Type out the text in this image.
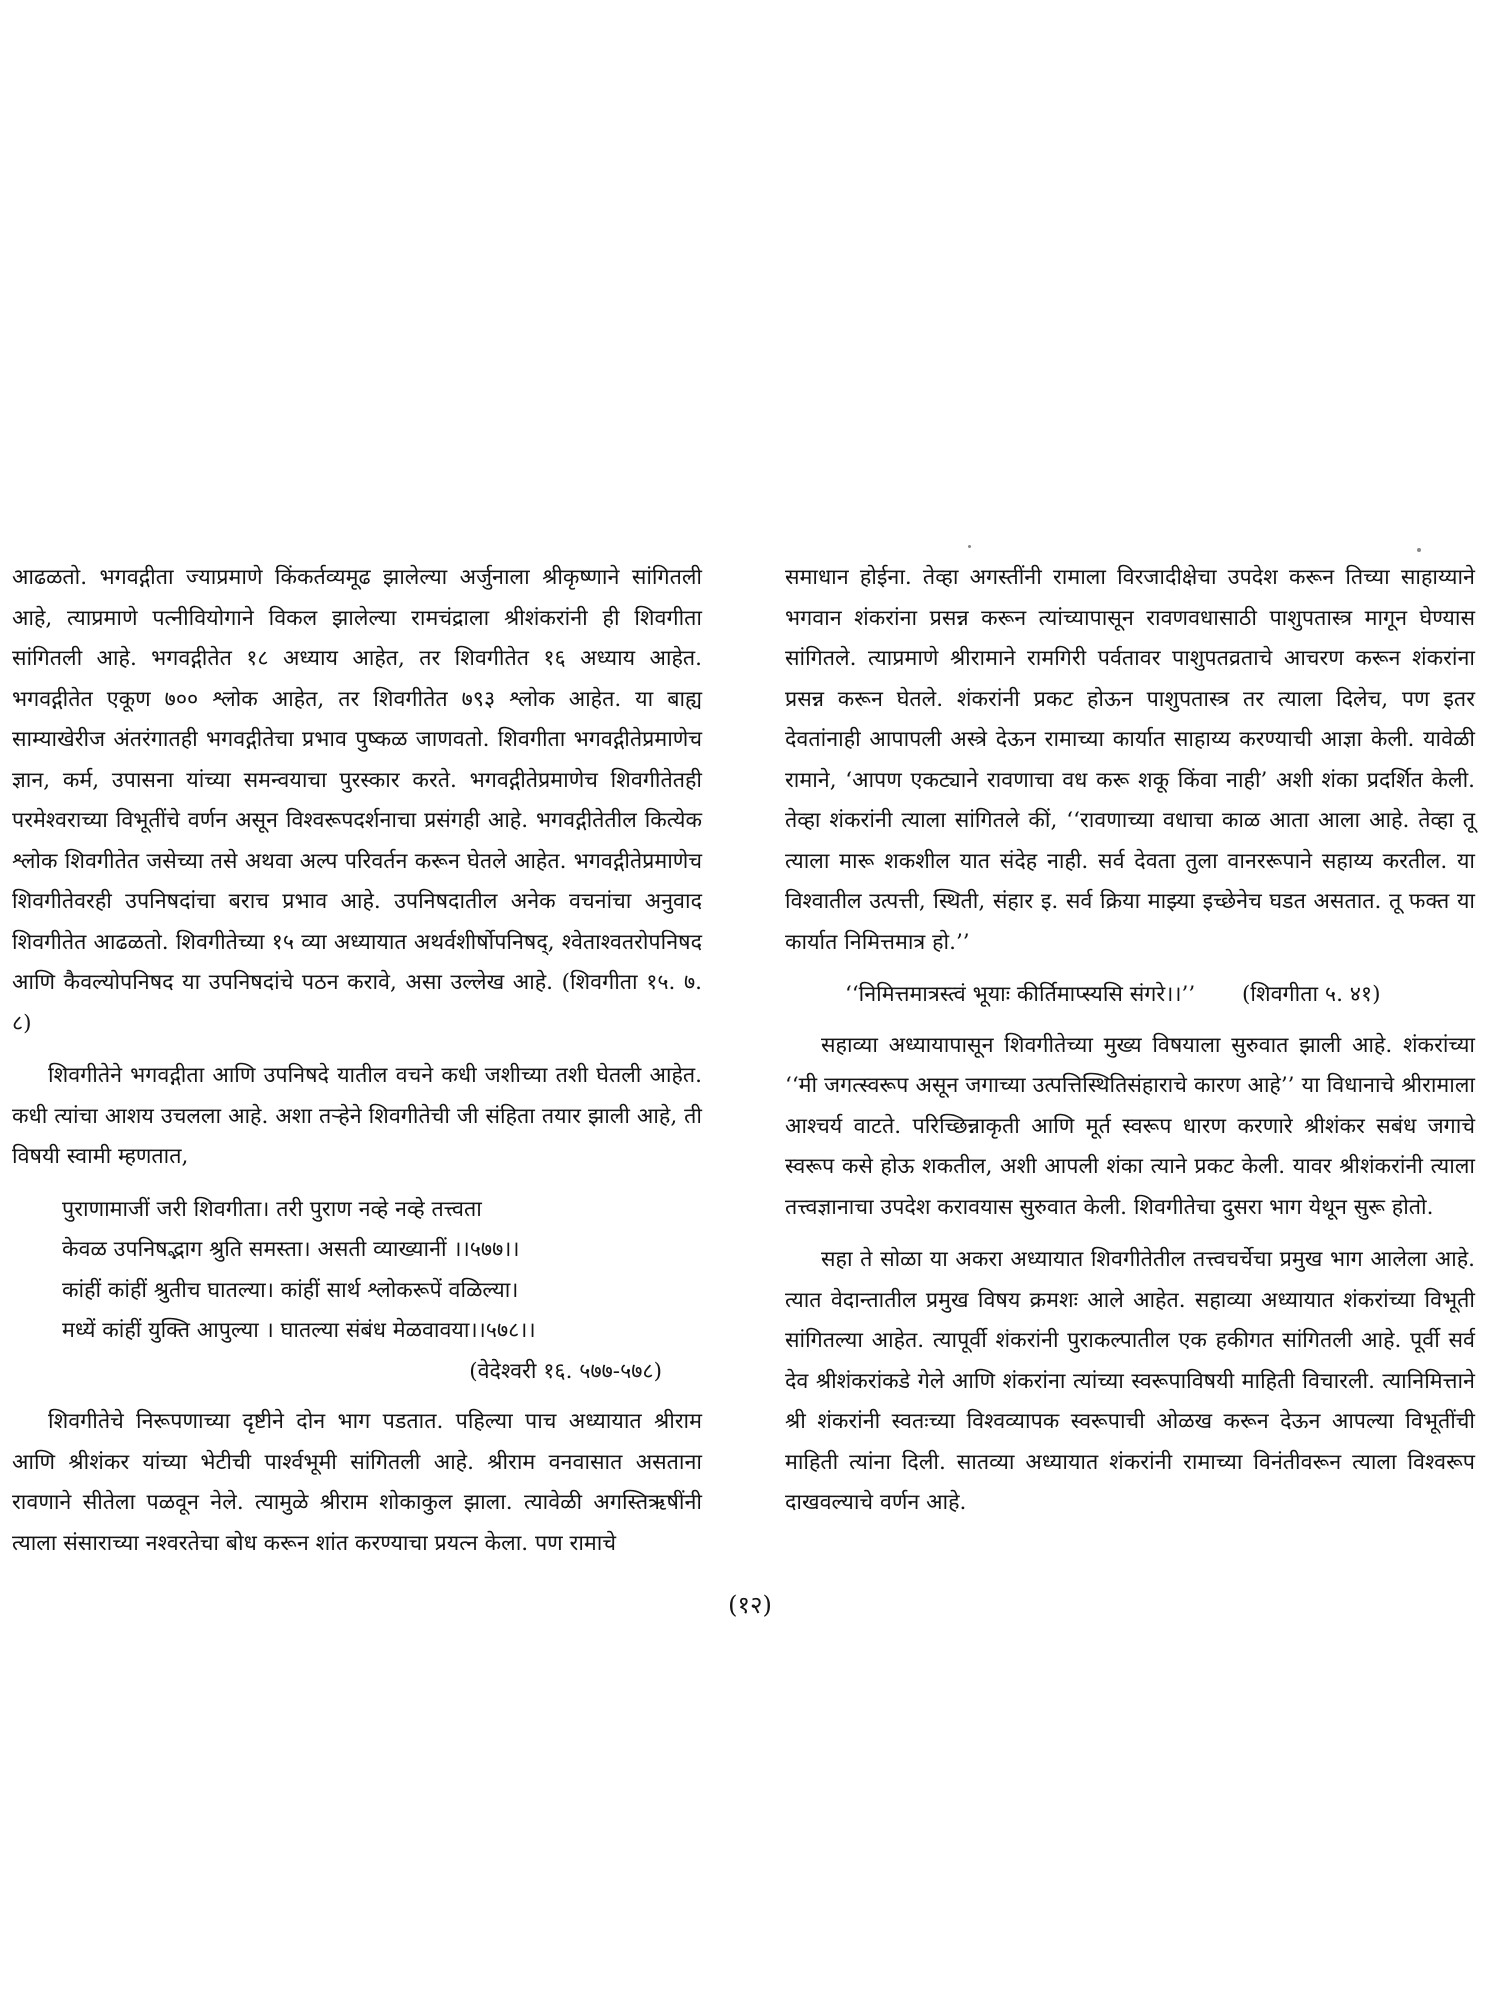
आढळतो. भगवद्गीता ज्याप्रमाणे किंकर्तव्यमूढ झालेल्या अर्जुनाला श्रीकृष्णाने सांगितली आहे, त्याप्रमाणे पत्नीवियोगाने विकल झालेल्या रामचंद्राला श्रीशंकरांनी ही शिवगीता सांगितली आहे. भगवद्गीतेत १८ अध्याय आहेत, तर शिवगीतेत १६ अध्याय आहेत. भगवद्गीतेत एकूण ७०० श्लोक आहेत, तर शिवगीतेत ७९३ श्लोक आहेत. या बाह्य साम्याखेरीज अंतरंगातही भगवद्गीतेचा प्रभाव पुष्कळ जाणवतो. शिवगीता भगवद्गीतेप्रमाणेच ज्ञान, कर्म, उपासना यांच्या समन्वयाचा पुरस्कार करते. भगवद्गीतेप्रमाणेच शिवगीतेतही परमेश्वराच्या विभूतींचे वर्णन असून विश्वरूपदर्शनाचा प्रसंगही आहे. भगवद्गीतेतील कित्येक श्लोक शिवगीतेत जसेच्या तसे अथवा अल्प परिवर्तन करून घेतले आहेत. भगवद्गीतेप्रमाणेच शिवगीतेवरही उपनिषदांचा बराच प्रभाव आहे. उपनिषदातील अनेक वचनांचा अनुवाद शिवगीतेत आढळतो. शिवगीतेच्या १५ व्या अध्यायात अथर्वशीर्षोपनिषद्, श्वेताश्वतरोपनिषद आणि कैवल्योपनिषद या उपनिषदांचे पठन करावे, असा उल्लेख आहे. (शिवगीता १५. ७. ८)

शिवगीतेने भगवद्गीता आणि उपनिषदे यातील वचने कधी जशीच्या तशी घेतली आहेत. कधी त्यांचा आशय उचलला आहे. अशा तऱ्हेने शिवगीतेची जी संहिता तयार झाली आहे, ती विषयी स्वामी म्हणतात,

पुराणामाजीं जरी शिवगीता। तरी पुराण नव्हे नव्हे तत्त्वता

केवळ उपनिषद्भाग श्रुति समस्ता। असती व्याख्यानीं ।।५७७।।

कांहीं कांहीं श्रुतीच घातल्या। कांहीं सार्थ श्लोकरूपें वळिल्या।

मध्यें कांहीं युक्ति आपुल्या । घातल्या संबंध मेळवावया।।५७८।।

(वेदेश्वरी १६. ५७७-५७८)

शिवगीतेचे निरूपणाच्या दृष्टीने दोन भाग पडतात. पहिल्या पाच अध्यायात श्रीराम आणि श्रीशंकर यांच्या भेटीची पार्श्वभूमी सांगितली आहे. श्रीराम वनवासात असताना रावणाने सीतेला पळवून नेले. त्यामुळे श्रीराम शोकाकुल झाला. त्यावेळी अगस्तिऋषींनी त्याला संसाराच्या नश्वरतेचा बोध करून शांत करण्याचा प्रयत्न केला. पण रामाचे

समाधान होईना. तेव्हा अगस्तींनी रामाला विरजादीक्षेचा उपदेश करून तिच्या साहाय्याने भगवान शंकरांना प्रसन्न करून त्यांच्यापासून रावणवधासाठी पाशुपतास्त्र मागून घेण्यास सांगितले. त्याप्रमाणे श्रीरामाने रामगिरी पर्वतावर पाशुपतव्रताचे आचरण करून शंकरांना प्रसन्न करून घेतले. शंकरांनी प्रकट होऊन पाशुपतास्त्र तर त्याला दिलेच, पण इतर देवतांनाही आपापली अस्त्रे देऊन रामाच्या कार्यात साहाय्य करण्याची आज्ञा केली. यावेळी रामाने, ‘आपण एकट्याने रावणाचा वध करू शकू किंवा नाही’ अशी शंका प्रदर्शित केली. तेव्हा शंकरांनी त्याला सांगितले कीं, ‘‘रावणाच्या वधाचा काळ आता आला आहे. तेव्हा तू त्याला मारू शकशील यात संदेह नाही. सर्व देवता तुला वानररूपाने सहाय्य करतील. या विश्वातील उत्पत्ती, स्थिती, संहार इ. सर्व क्रिया माझ्या इच्छेनेच घडत असतात. तू फक्त या कार्यात निमित्तमात्र हो.’’

‘‘निमित्तमात्रस्त्वं भूयाः कीर्तिमाप्स्यसि संगरे।।’’ (शिवगीता ५. ४१)

सहाव्या अध्यायापासून शिवगीतेच्या मुख्य विषयाला सुरुवात झाली आहे. शंकरांच्या ‘‘मी जगत्स्वरूप असून जगाच्या उत्पत्तिस्थितिसंहाराचे कारण आहे’’ या विधानाचे श्रीरामाला आश्चर्य वाटते. परिच्छिन्नाकृती आणि मूर्त स्वरूप धारण करणारे श्रीशंकर सबंध जगाचे स्वरूप कसे होऊ शकतील, अशी आपली शंका त्याने प्रकट केली. यावर श्रीशंकरांनी त्याला तत्त्वज्ञानाचा उपदेश करावयास सुरुवात केली. शिवगीतेचा दुसरा भाग येथून सुरू होतो.

सहा ते सोळा या अकरा अध्यायात शिवगीतेतील तत्त्वचर्चेचा प्रमुख भाग आलेला आहे. त्यात वेदान्तातील प्रमुख विषय क्रमशः आले आहेत. सहाव्या अध्यायात शंकरांच्या विभूती सांगितल्या आहेत. त्यापूर्वी शंकरांनी पुराकल्पातील एक हकीगत सांगितली आहे. पूर्वी सर्व देव श्रीशंकरांकडे गेले आणि शंकरांना त्यांच्या स्वरूपाविषयी माहिती विचारली. त्यानिमित्ताने श्री शंकरांनी स्वतःच्या विश्वव्यापक स्वरूपाची ओळख करून देऊन आपल्या विभूतींची माहिती त्यांना दिली. सातव्या अध्यायात शंकरांनी रामाच्या विनंतीवरून त्याला विश्वरूप दाखवल्याचे वर्णन आहे.

(१२)
